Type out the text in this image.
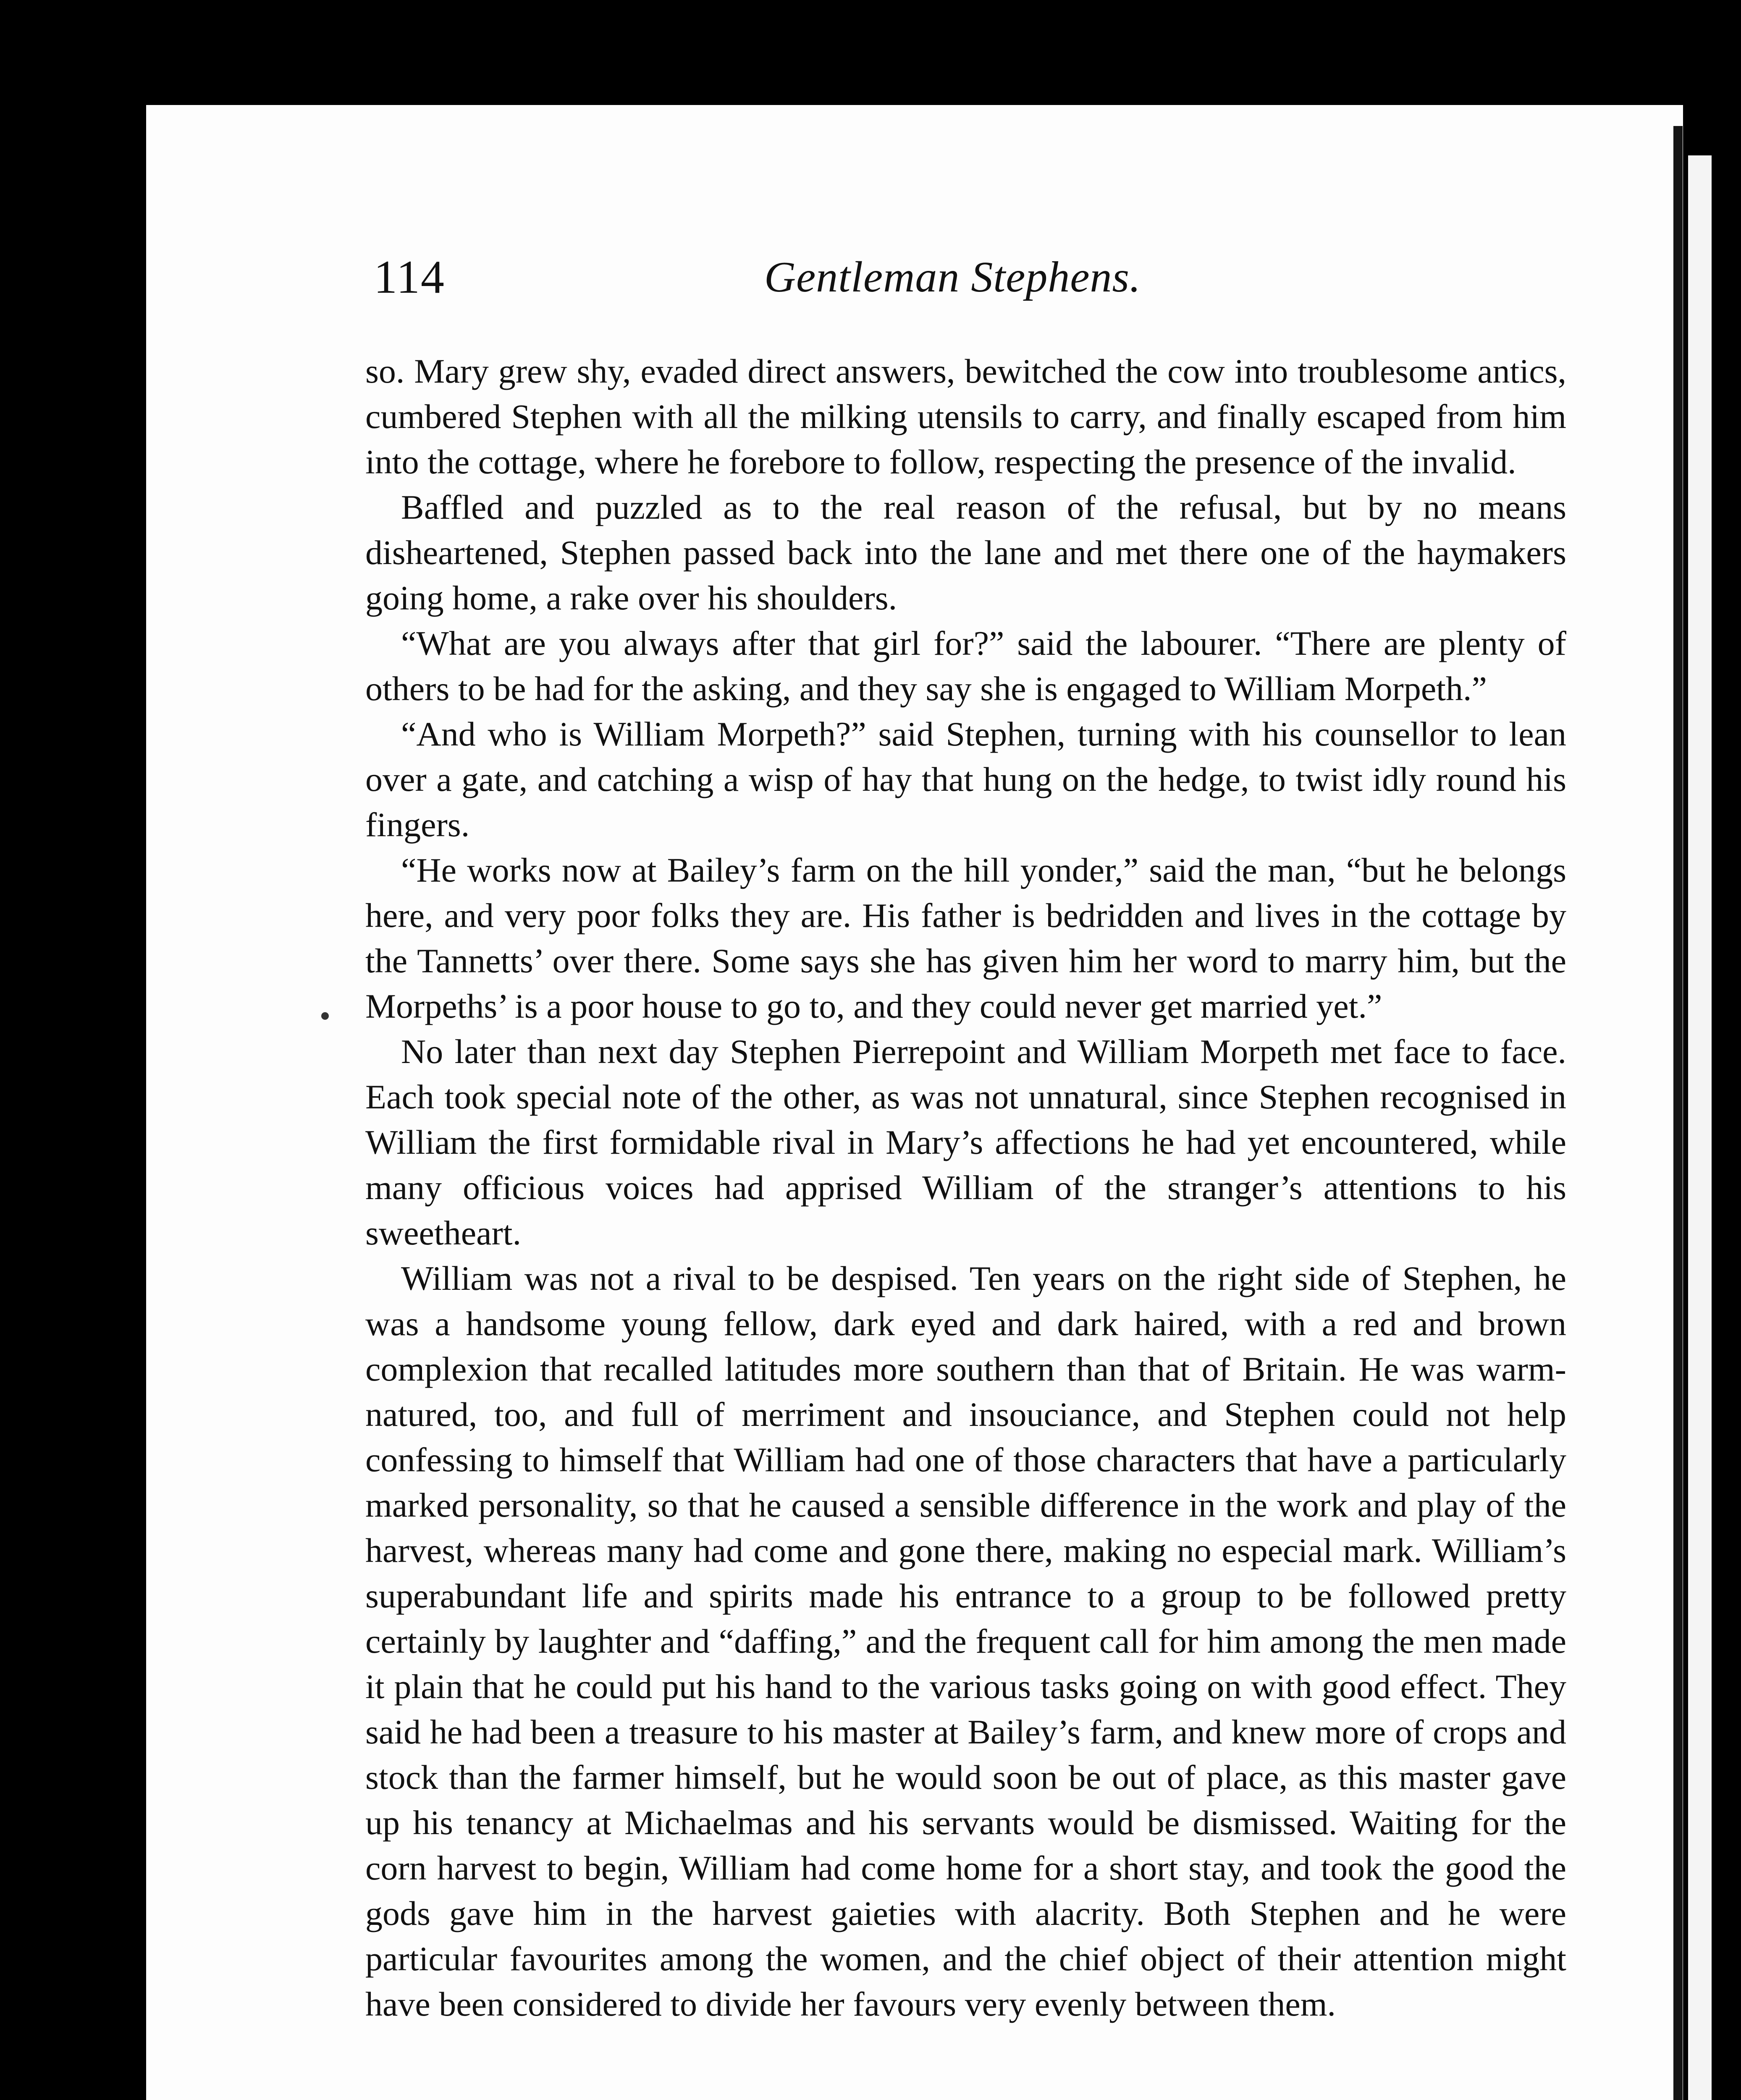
114	Gentleman Stephens.

so. Mary grew shy, evaded direct answers, bewitched the cow into troublesome antics, cumbered Stephen with all the milking utensils to carry, and finally escaped from him into the cottage, where he forebore to follow, respecting the presence of the invalid.

Baffled and puzzled as to the real reason of the refusal, but by no means disheartened, Stephen passed back into the lane and met there one of the haymakers going home, a rake over his shoulders.

“What are you always after that girl for?” said the labourer. “There are plenty of others to be had for the asking, and they say she is engaged to William Morpeth.”

“And who is William Morpeth?” said Stephen, turning with his counsellor to lean over a gate, and catching a wisp of hay that hung on the hedge, to twist idly round his fingers.

“He works now at Bailey’s farm on the hill yonder,” said the man, “but he belongs here, and very poor folks they are. His father is bedridden and lives in the cottage by the Tannetts’ over there. Some says she has given him her word to marry him, but the Morpeths’ is a poor house to go to, and they could never get married yet.”

No later than next day Stephen Pierrepoint and William Morpeth met face to face. Each took special note of the other, as was not unnatural, since Stephen recognised in William the first formidable rival in Mary’s affections he had yet encountered, while many officious voices had apprised William of the stranger’s attentions to his sweetheart.

William was not a rival to be despised. Ten years on the right side of Stephen, he was a handsome young fellow, dark eyed and dark haired, with a red and brown complexion that recalled latitudes more southern than that of Britain. He was warm-natured, too, and full of merriment and insouciance, and Stephen could not help confessing to himself that William had one of those characters that have a particularly marked personality, so that he caused a sensible difference in the work and play of the harvest, whereas many had come and gone there, making no especial mark. William’s superabundant life and spirits made his entrance to a group to be followed pretty certainly by laughter and “daffing,” and the frequent call for him among the men made it plain that he could put his hand to the various tasks going on with good effect. They said he had been a treasure to his master at Bailey’s farm, and knew more of crops and stock than the farmer himself, but he would soon be out of place, as this master gave up his tenancy at Michaelmas and his servants would be dismissed. Waiting for the corn harvest to begin, William had come home for a short stay, and took the good the gods gave him in the harvest gaieties with alacrity. Both Stephen and he were particular favourites among the women, and the chief object of their attention might have been considered to divide her favours very evenly between them.
